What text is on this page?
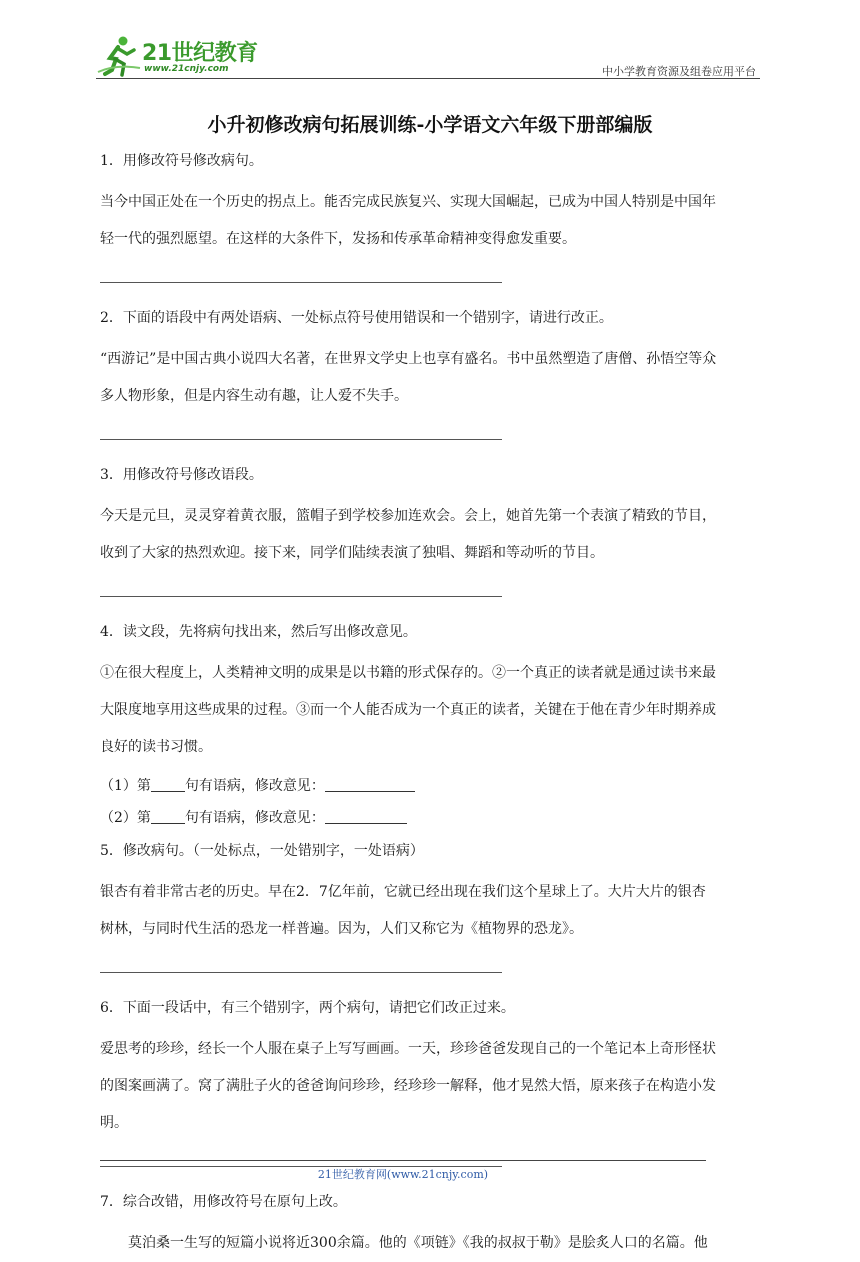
21世纪教育
www.21cnjy.com	中小学教育资源及组卷应用平台
小升初修改病句拓展训练-小学语文六年级下册部编版

1．用修改符号修改病句。

当今中国正处在一个历史的拐点上。能否完成民族复兴、实现大国崛起，已成为中国人特别是中国年
轻一代的强烈愿望。在这样的大条件下，发扬和传承革命精神变得愈发重要。

2．下面的语段中有两处语病、一处标点符号使用错误和一个错别字，请进行改正。

“西游记”是中国古典小说四大名著，在世界文学史上也享有盛名。书中虽然塑造了唐僧、孙悟空等众
多人物形象，但是内容生动有趣，让人爱不失手。

3．用修改符号修改语段。

今天是元旦，灵灵穿着黄衣服，篮帽子到学校参加连欢会。会上，她首先第一个表演了精致的节目，
收到了大家的热烈欢迎。接下来，同学们陆续表演了独唱、舞蹈和等动听的节目。

4．读文段，先将病句找出来，然后写出修改意见。

①在很大程度上，人类精神文明的成果是以书籍的形式保存的。②一个真正的读者就是通过读书来最
大限度地享用这些成果的过程。③而一个人能否成为一个真正的读者，关键在于他在青少年时期养成
良好的读书习惯。

（1）第 句有语病，修改意见：

（2）第 句有语病，修改意见：

5．修改病句。（一处标点，一处错别字，一处语病）

银杏有着非常古老的历史。早在2．7亿年前，它就已经出现在我们这个星球上了。大片大片的银杏
树林，与同时代生活的恐龙一样普遍。因为，人们又称它为《植物界的恐龙》。

6．下面一段话中，有三个错别字，两个病句，请把它们改正过来。

爱思考的珍珍，经长一个人服在桌子上写写画画。一天，珍珍爸爸发现自己的一个笔记本上奇形怪状
的图案画满了。窝了满肚子火的爸爸询问珍珍，经珍珍一解释，他才晃然大悟，原来孩子在构造小发
明。

7．综合改错，用修改符号在原句上改。

莫泊桑一生写的短篇小说将近300余篇。他的《项链》《我的叔叔于勒》是脍炙人口的名篇。他
21世纪教育网(www.21cnjy.com)
